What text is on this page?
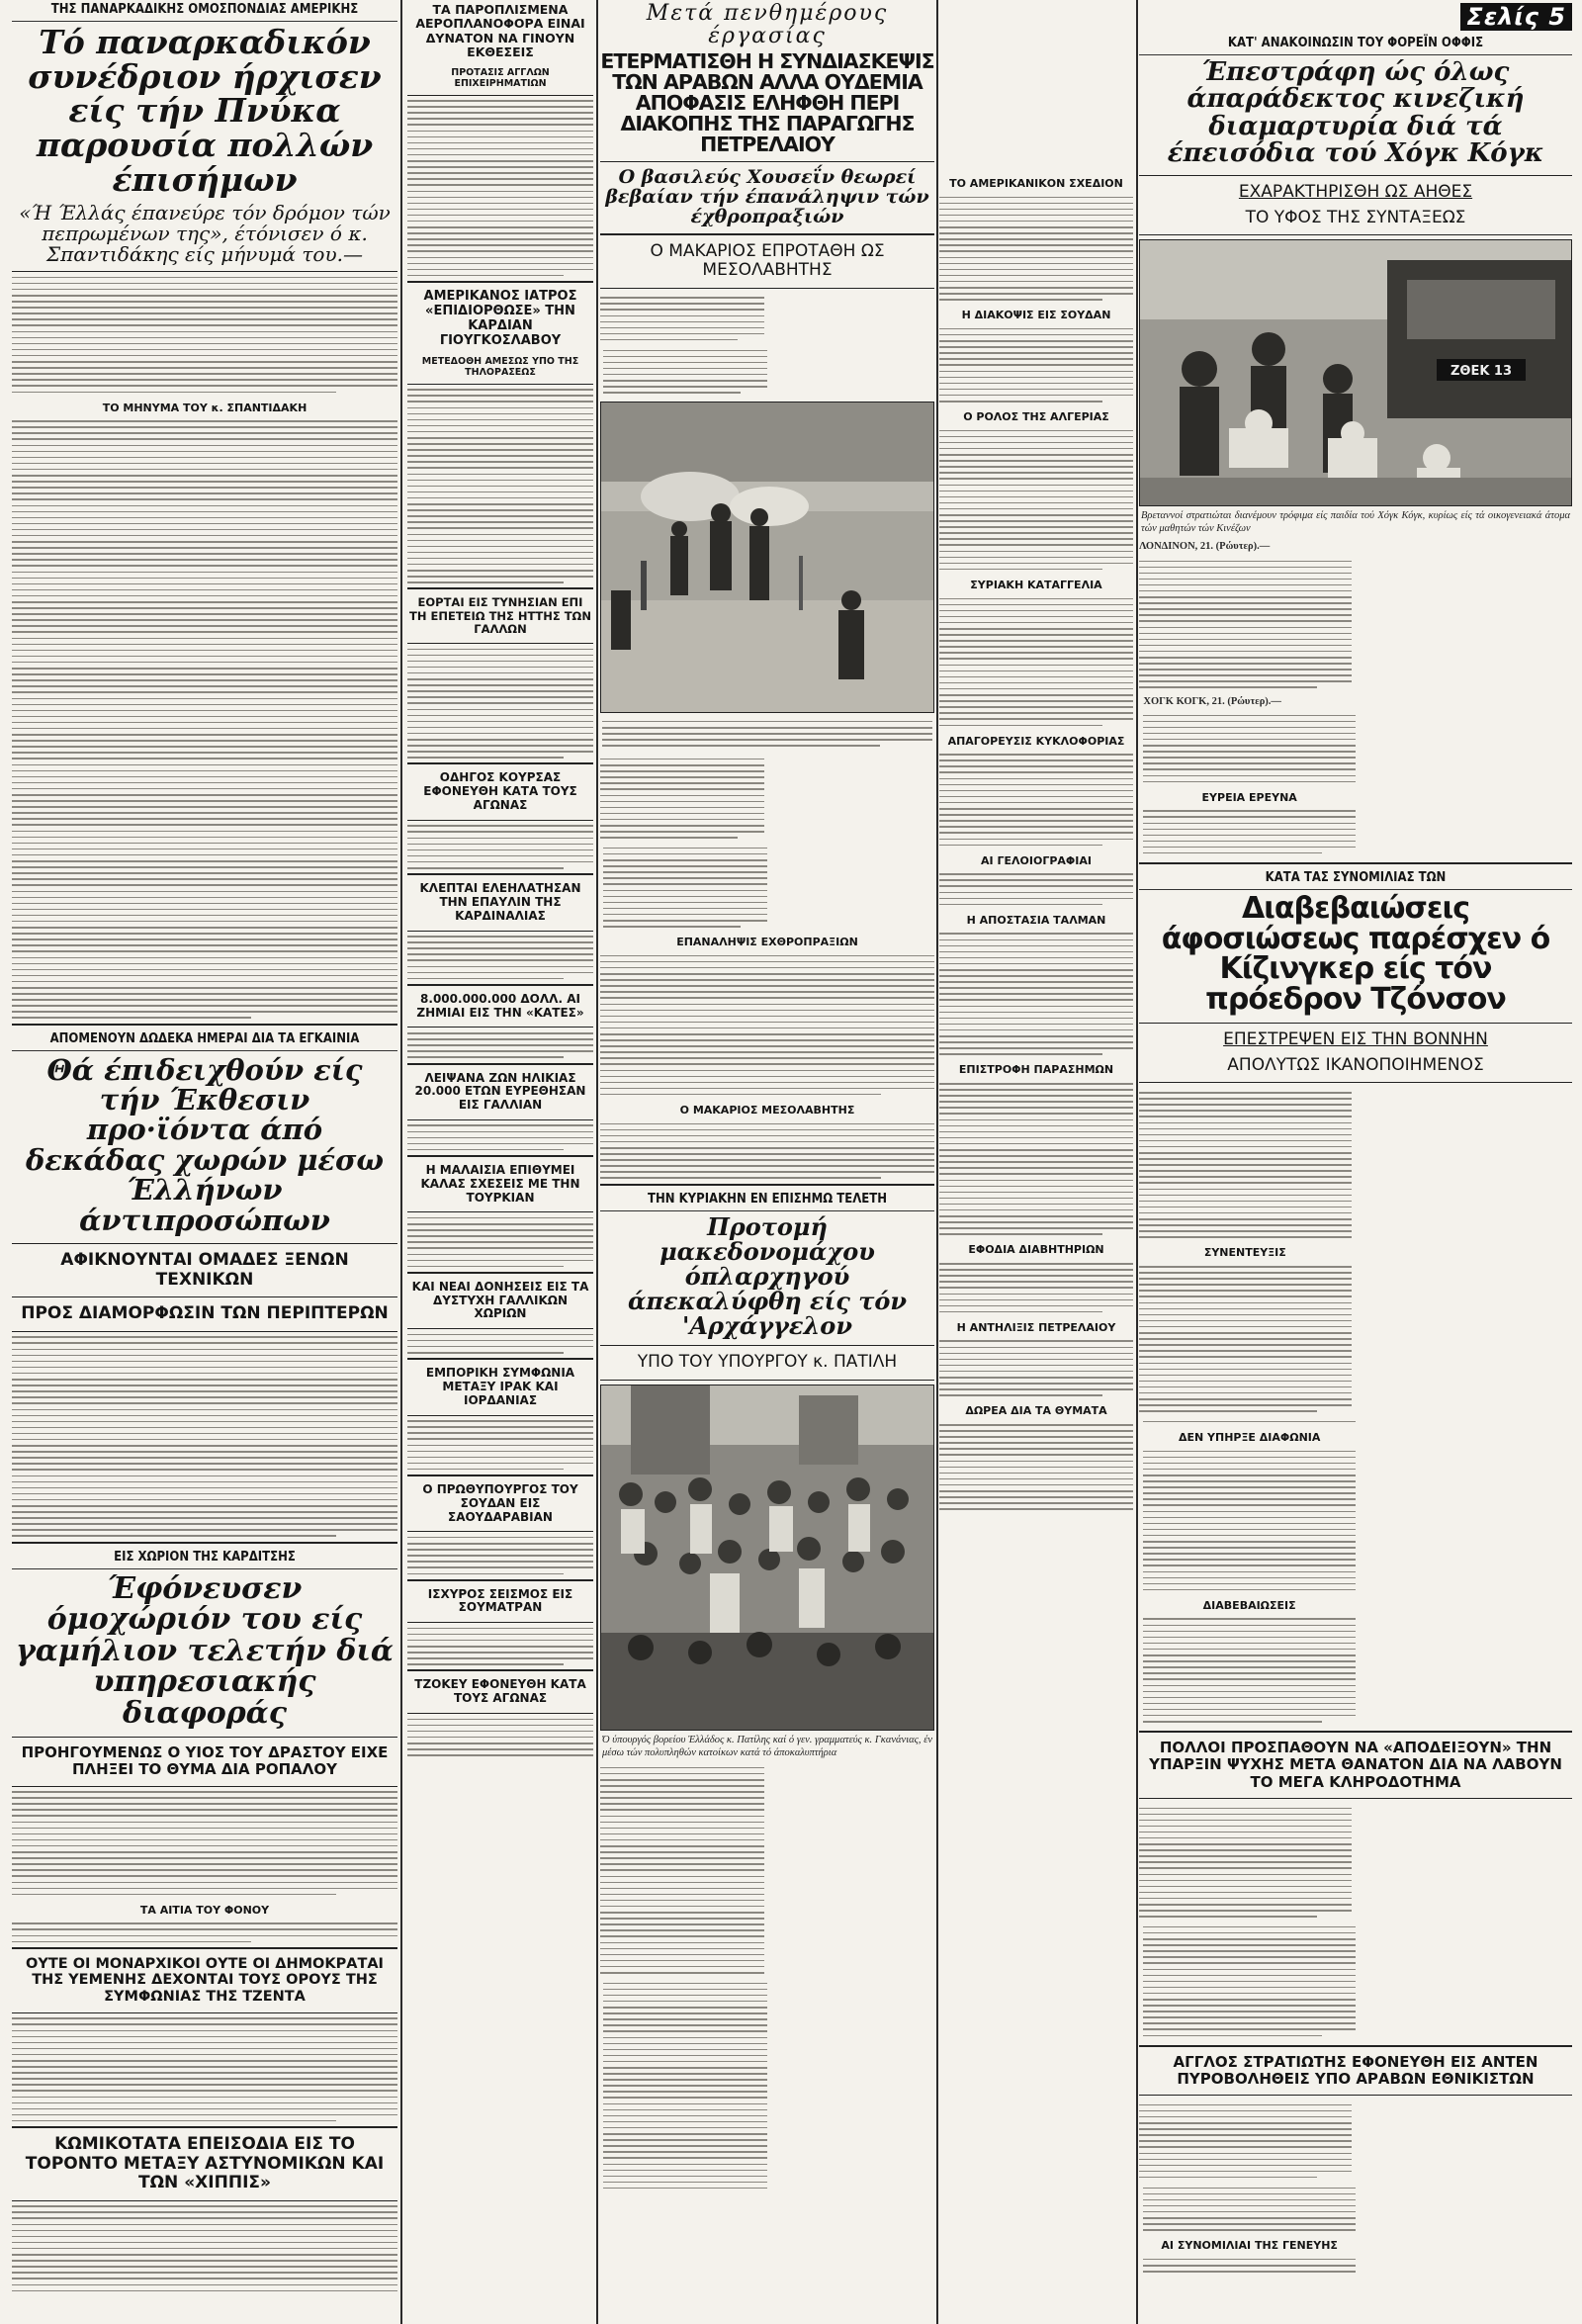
ΤΗΣ ΠΑΝΑΡΚΑΔΙΚΗΣ ΟΜΟΣΠΟΝΔΙΑΣ ΑΜΕΡΙΚΗΣ
Τό παναρκαδικόν συνέδριον ήρχισεν είς τήν Πνύκα παρουσία πολλών έπισήμων
«Ή Έλλάς έπανεύρε τόν δρόμον τών πεπρωμένων της», έτόνισεν ό κ. Σπαντιδάκης είς μήνυμά του.—
ΤΟ ΜΗΝΥΜΑ ΤΟΥ κ. ΣΠΑΝΤΙΔΑΚΗ
ΑΠΟΜΕΝΟΥΝ ΔΩΔΕΚΑ ΗΜΕΡΑΙ ΔΙΑ ΤΑ ΕΓΚΑΙΝΙΑ
Θά έπιδειχθούν είς τήν Έκθεσιν προ·ϊόντα άπό δεκάδας χωρών μέσω Έλλήνων άντιπροσώπων
ΑΦΙΚΝΟΥΝΤΑΙ ΟΜΑΔΕΣ ΞΕΝΩΝ ΤΕΧΝΙΚΩΝ
ΠΡΟΣ ΔΙΑΜΟΡΦΩΣΙΝ ΤΩΝ ΠΕΡΙΠΤΕΡΩΝ
ΕΙΣ ΧΩΡΙΟΝ ΤΗΣ ΚΑΡΔΙΤΣΗΣ
Έφόνευσεν όμοχώριόν του είς γαμήλιον τελετήν διά υπηρεσιακής διαφοράς
ΠΡΟΗΓΟΥΜΕΝΩΣ Ο ΥΙΟΣ ΤΟΥ ΔΡΑΣΤΟΥ ΕΙΧΕ ΠΛΗΞΕΙ ΤΟ ΘΥΜΑ ΔΙΑ ΡΟΠΑΛΟΥ
ΤΑ ΑΙΤΙΑ ΤΟΥ ΦΟΝΟΥ
ΟΥΤΕ ΟΙ ΜΟΝΑΡΧΙΚΟΙ ΟΥΤΕ ΟΙ ΔΗΜΟΚΡΑΤΑΙ ΤΗΣ ΥΕΜΕΝΗΣ ΔΕΧΟΝΤΑΙ ΤΟΥΣ ΟΡΟΥΣ ΤΗΣ ΣΥΜΦΩΝΙΑΣ ΤΗΣ ΤΖΕΝΤΑ
ΚΩΜΙΚΟΤΑΤΑ ΕΠΕΙΣΟΔΙΑ ΕΙΣ ΤΟ ΤΟΡΟΝΤΟ ΜΕΤΑΞΥ ΑΣΤΥΝΟΜΙΚΩΝ ΚΑΙ ΤΩΝ «ΧΙΠΠΙΣ»
ΤΑ ΠΑΡΟΠΛΙΣΜΕΝΑ ΑΕΡΟΠΛΑΝΟΦΟΡΑ ΕΙΝΑΙ ΔΥΝΑΤΟΝ ΝΑ ΓΙΝΟΥΝ ΕΚΘΕΣΕΙΣ
ΠΡΟΤΑΣΙΣ ΑΓΓΛΩΝ ΕΠΙΧΕΙΡΗΜΑΤΙΩΝ
ΑΜΕΡΙΚΑΝΟΣ ΙΑΤΡΟΣ «ΕΠΙΔΙΟΡΘΩΣΕ» ΤΗΝ ΚΑΡΔΙΑΝ ΓΙΟΥΓΚΟΣΛΑΒΟΥ
ΜΕΤΕΔΟΘΗ ΑΜΕΣΩΣ ΥΠΟ ΤΗΣ ΤΗΛΟΡΑΣΕΩΣ
ΕΟΡΤΑΙ ΕΙΣ ΤΥΝΗΣΙΑΝ ΕΠΙ ΤΗ ΕΠΕΤΕΙΩ ΤΗΣ ΗΤΤΗΣ ΤΩΝ ΓΑΛΛΩΝ
ΟΔΗΓΟΣ ΚΟΥΡΣΑΣ ΕΦΟΝΕΥΘΗ ΚΑΤΑ ΤΟΥΣ ΑΓΩΝΑΣ
ΚΛΕΠΤΑΙ ΕΛΕΗΛΑΤΗΣΑΝ ΤΗΝ ΕΠΑΥΛΙΝ ΤΗΣ ΚΑΡΔΙΝΑΛΙΑΣ
8.000.000.000 ΔΟΛΛ. ΑΙ ΖΗΜΙΑΙ ΕΙΣ ΤΗΝ «ΚΑΤΕΣ»
ΛΕΙΨΑΝΑ ΖΩΝ ΗΛΙΚΙΑΣ 20.000 ΕΤΩΝ ΕΥΡΕΘΗΣΑΝ ΕΙΣ ΓΑΛΛΙΑΝ
Η ΜΑΛΑΙΣΙΑ ΕΠΙΘΥΜΕΙ ΚΑΛΑΣ ΣΧΕΣΕΙΣ ΜΕ ΤΗΝ ΤΟΥΡΚΙΑΝ
ΚΑΙ ΝΕΑΙ ΔΟΝΗΣΕΙΣ ΕΙΣ ΤΑ ΔΥΣΤΥΧΗ ΓΑΛΛΙΚΩΝ ΧΩΡΙΩΝ
ΕΜΠΟΡΙΚΗ ΣΥΜΦΩΝΙΑ ΜΕΤΑΞΥ ΙΡΑΚ ΚΑΙ ΙΟΡΔΑΝΙΑΣ
Ο ΠΡΩΘΥΠΟΥΡΓΟΣ ΤΟΥ ΣΟΥΔΑΝ ΕΙΣ ΣΑΟΥΔΑΡΑΒΙΑΝ
ΙΣΧΥΡΟΣ ΣΕΙΣΜΟΣ ΕΙΣ ΣΟΥΜΑΤΡΑΝ
ΤΖΟΚΕΥ ΕΦΟΝΕΥΘΗ ΚΑΤΑ ΤΟΥΣ ΑΓΩΝΑΣ
Μετά πενθημέρους έργασίας
ΕΤΕΡΜΑΤΙΣΘΗ Η ΣΥΝΔΙΑΣΚΕΨΙΣ ΤΩΝ ΑΡΑΒΩΝ ΑΛΛΑ ΟΥΔΕΜΙΑ ΑΠΟΦΑΣΙΣ ΕΛΗΦΘΗ ΠΕΡΙ ΔΙΑΚΟΠΗΣ ΤΗΣ ΠΑΡΑΓΩΓΗΣ ΠΕΤΡΕΛΑΙΟΥ
Ο βασιλεύς Χουσεΐν θεωρεί βεβαίαν τήν έπανάληψιν τών έχθροπραξιών
Ο ΜΑΚΑΡΙΟΣ ΕΠΡΟΤΑΘΗ ΩΣ ΜΕΣΟΛΑΒΗΤΗΣ

ΕΠΑΝΑΛΗΨΙΣ ΕΧΘΡΟΠΡΑΞΙΩΝ
Ο ΜΑΚΑΡΙΟΣ ΜΕΣΟΛΑΒΗΤΗΣ
ΤΗΝ ΚΥΡΙΑΚΗΝ ΕΝ ΕΠΙΣΗΜΩ ΤΕΛΕΤΗ
Προτομή μακεδονομάχου όπλαρχηγού άπεκαλύφθη είς τόν 'Αρχάγγελον
ΥΠΟ ΤΟΥ ΥΠΟΥΡΓΟΥ κ. ΠΑΤΙΛΗ
Ό ύπουργός βορείου Έλλάδος κ. Πατίλης καί ό γεν. γραμματεύς κ. Γκανάνιας, έν μέσω τών πολυπληθών κατοίκων κατά τό άποκαλυπτήρια

ΤΟ ΑΜΕΡΙΚΑΝΙΚΟΝ ΣΧΕΔΙΟΝ
Η ΔΙΑΚΟΨΙΣ ΕΙΣ ΣΟΥΔΑΝ
Ο ΡΟΛΟΣ ΤΗΣ ΑΛΓΕΡΙΑΣ
ΣΥΡΙΑΚΗ ΚΑΤΑΓΓΕΛΙΑ
ΑΠΑΓΟΡΕΥΣΙΣ ΚΥΚΛΟΦΟΡΙΑΣ
ΑΙ ΓΕΛΟΙΟΓΡΑΦΙΑΙ
Η ΑΠΟΣΤΑΣΙΑ ΤΑΛΜΑΝ
ΕΠΙΣΤΡΟΦΗ ΠΑΡΑΣΗΜΩΝ
ΕΦΟΔΙΑ ΔΙΑΒΗΤΗΡΙΩΝ
Η ΑΝΤΗΛΙΞΙΣ ΠΕΤΡΕΛΑΙΟΥ
ΔΩΡΕΑ ΔΙΑ ΤΑ ΘΥΜΑΤΑ
Σελίς 5
ΚΑΤ' ΑΝΑΚΟΙΝΩΣΙΝ ΤΟΥ ΦΟΡΕΪΝ ΟΦΦΙΣ
Έπεστράφη ώς όλως άπαράδεκτος κινεζική διαμαρτυρία διά τά έπεισόδια τού Χόγκ Κόγκ
ΕΧΑΡΑΚΤΗΡΙΣΘΗ ΩΣ ΑΗΘΕΣ
ΤΟ ΥΦΟΣ ΤΗΣ ΣΥΝΤΑΞΕΩΣ
ΖΘΕΚ 13
Βρεταννοί στρατιώται διανέμουν τρόφιμα είς παιδία τού Χόγκ Κόγκ, κυρίως είς τά οικογενειακά άτομα τών μαθητών τών Κινέζων
ΛΟΝΔΙΝΟΝ, 21. (Ρώυτερ).—

ΧΟΓΚ ΚΟΓΚ, 21. (Ρώυτερ).—
ΕΥΡΕΙΑ ΕΡΕΥΝΑ
ΚΑΤΑ ΤΑΣ ΣΥΝΟΜΙΛΙΑΣ ΤΩΝ
Διαβεβαιώσεις άφοσιώσεως παρέσχεν ό Κίζινγκερ είς τόν πρόεδρον Τζόνσον
ΕΠΕΣΤΡΕΨΕΝ ΕΙΣ ΤΗΝ ΒΟΝΝΗΝ
ΑΠΟΛΥΤΩΣ ΙΚΑΝΟΠΟΙΗΜΕΝΟΣ
ΣΥΝΕΝΤΕΥΞΙΣ

ΔΕΝ ΥΠΗΡΞΕ ΔΙΑΦΩΝΙΑ
ΔΙΑΒΕΒΑΙΩΣΕΙΣ
ΠΟΛΛΟΙ ΠΡΟΣΠΑΘΟΥΝ ΝΑ «ΑΠΟΔΕΙΞΟΥΝ» ΤΗΝ ΥΠΑΡΞΙΝ ΨΥΧΗΣ ΜΕΤΑ ΘΑΝΑΤΟΝ ΔΙΑ ΝΑ ΛΑΒΟΥΝ ΤΟ ΜΕΓΑ ΚΛΗΡΟΔΟΤΗΜΑ

ΑΓΓΛΟΣ ΣΤΡΑΤΙΩΤΗΣ ΕΦΟΝΕΥΘΗ ΕΙΣ ΑΝΤΕΝ ΠΥΡΟΒΟΛΗΘΕΙΣ ΥΠΟ ΑΡΑΒΩΝ ΕΘΝΙΚΙΣΤΩΝ

ΑΙ ΣΥΝΟΜΙΛΙΑΙ ΤΗΣ ΓΕΝΕΥΗΣ
